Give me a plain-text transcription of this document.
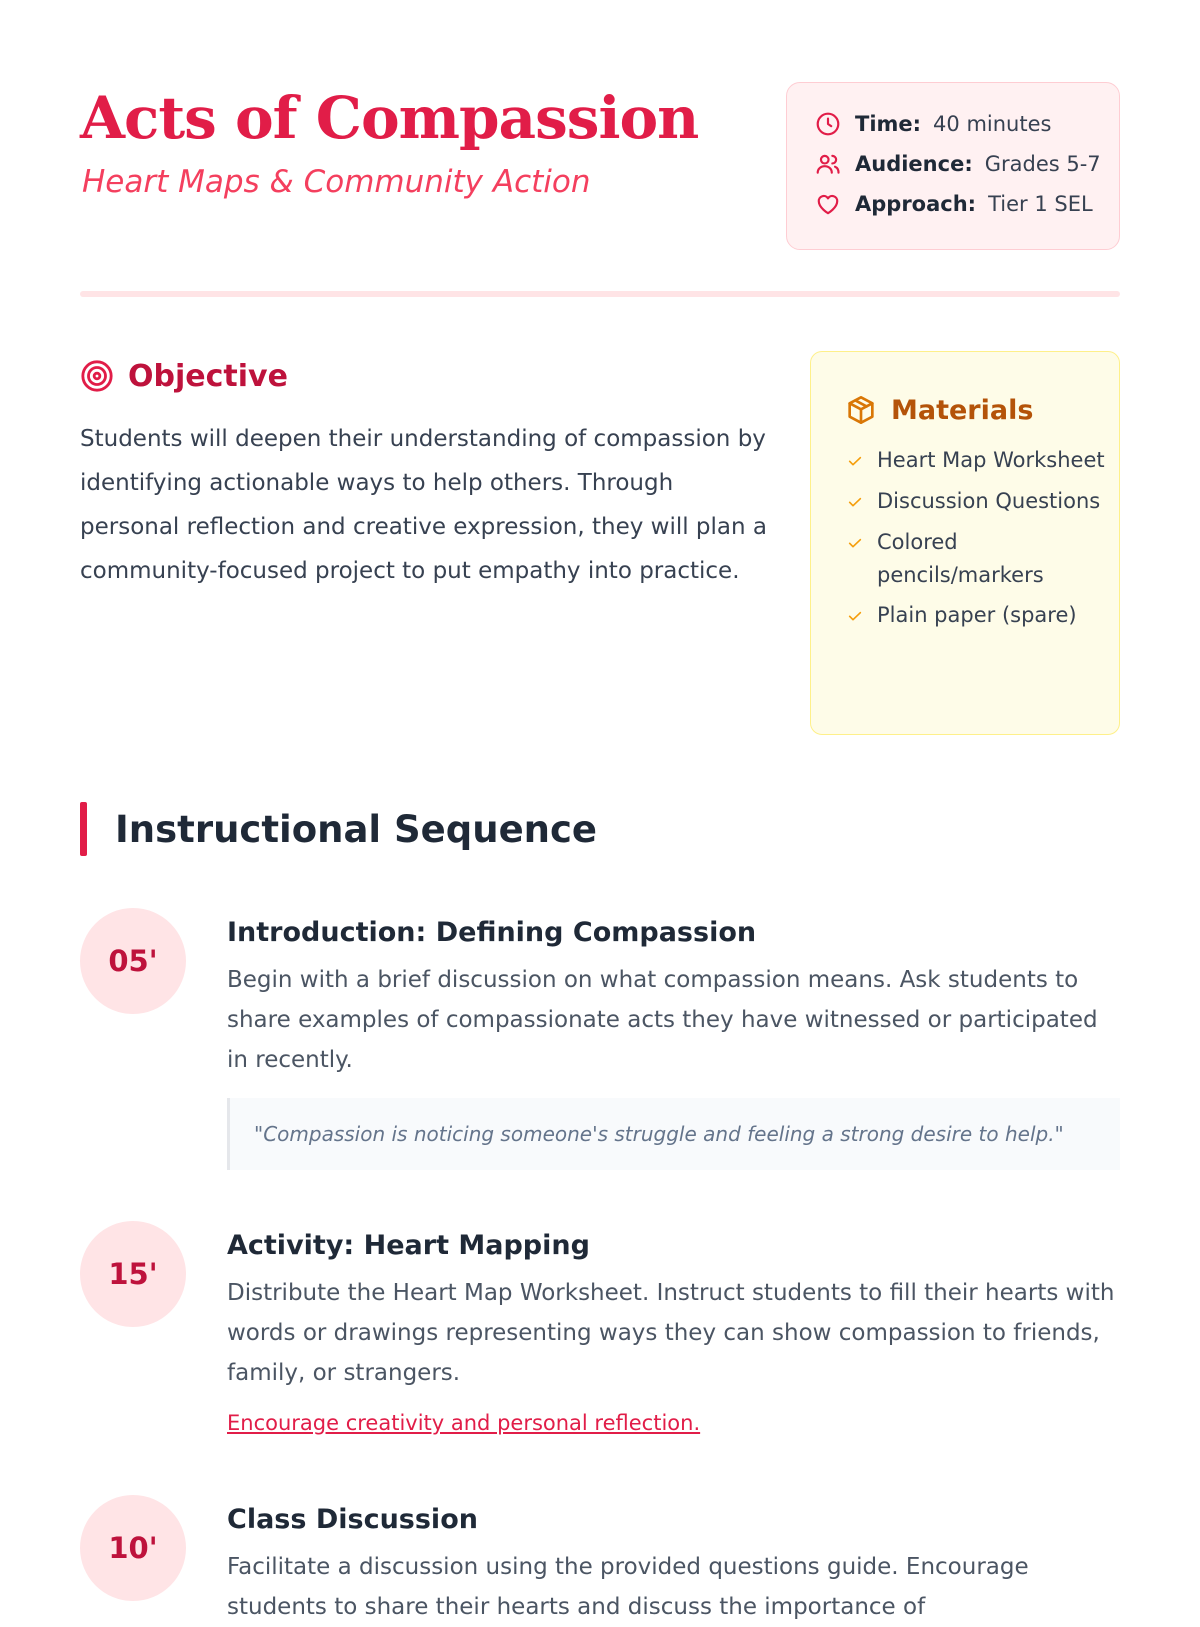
Acts of Compassion
Heart Maps & Community Action
Time: 40 minutes
Audience: Grades 5-7
Approach: Tier 1 SEL
Objective

Students will deepen their understanding of compassion by identifying actionable ways to help others. Through personal reflection and creative expression, they will plan a community-focused project to put empathy into practice.

Materials
Heart Map Worksheet
Discussion Questions
Colored pencils/markers
Plain paper (spare)
Instructional Sequence
05'
Introduction: Defining Compassion

Begin with a brief discussion on what compassion means. Ask students to share examples of compassionate acts they have witnessed or participated in recently.

"Compassion is noticing someone's struggle and feeling a strong desire to help."
15'
Activity: Heart Mapping

Distribute the Heart Map Worksheet. Instruct students to fill their hearts with words or drawings representing ways they can show compassion to friends, family, or strangers.

Encourage creativity and personal reflection.
10'
Class Discussion

Facilitate a discussion using the provided questions guide. Encourage students to share their hearts and discuss the importance of
